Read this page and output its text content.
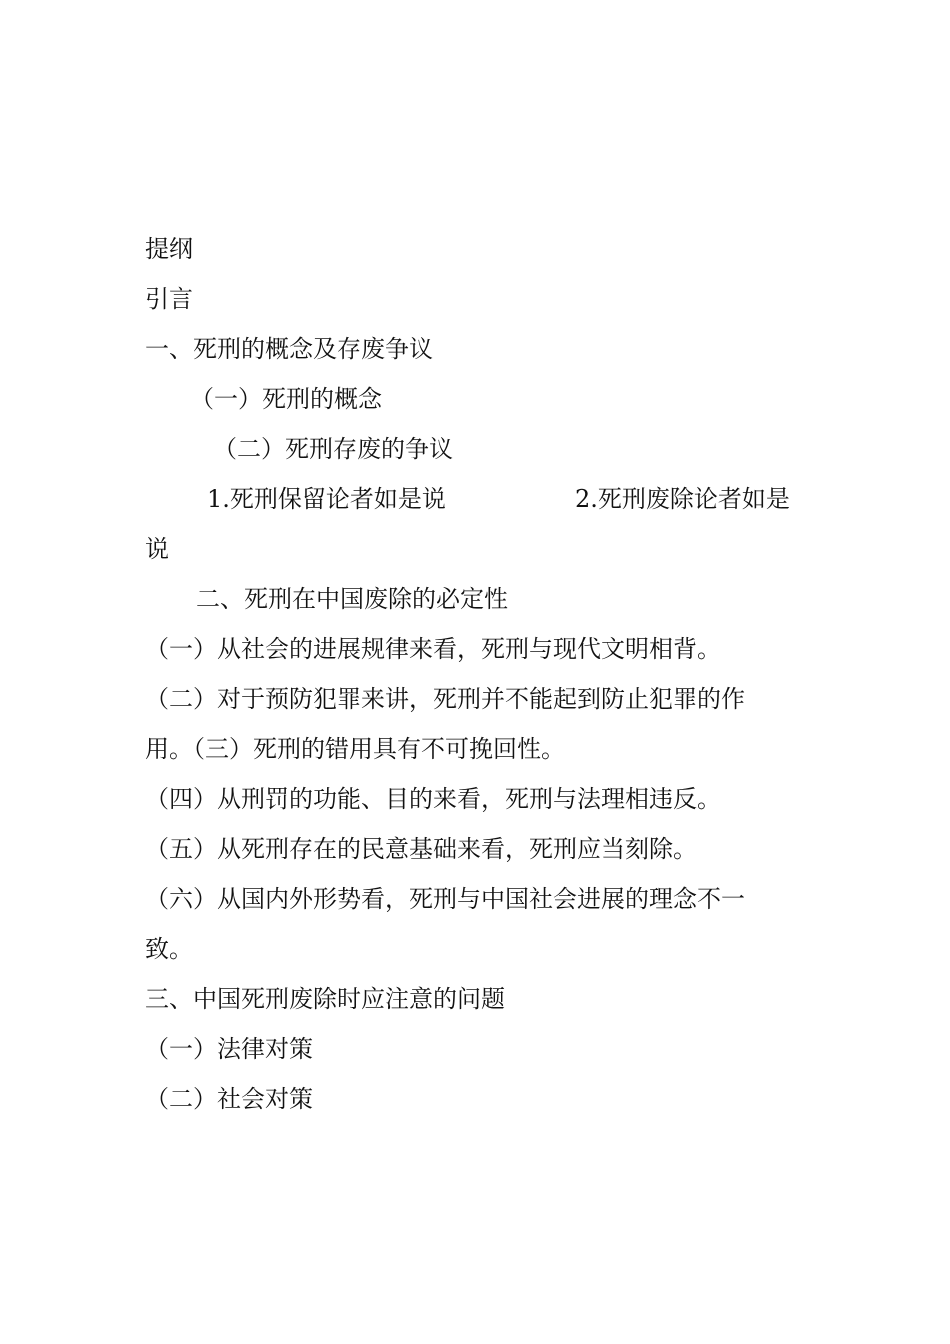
提纲
引言
一、死刑的概念及存废争议
（一）死刑的概念
（二）死刑存废的争议
1.死刑保留论者如是说	2.死刑废除论者如是
说
二、死刑在中国废除的必定性
（一）从社会的进展规律来看，死刑与现代文明相背。
（二）对于预防犯罪来讲，死刑并不能起到防止犯罪的作
用。（三）死刑的错用具有不可挽回性。
（四）从刑罚的功能、目的来看，死刑与法理相违反。
（五）从死刑存在的民意基础来看，死刑应当刻除。
（六）从国内外形势看，死刑与中国社会进展的理念不一
致。
三、中国死刑废除时应注意的问题
（一）法律对策
（二）社会对策
